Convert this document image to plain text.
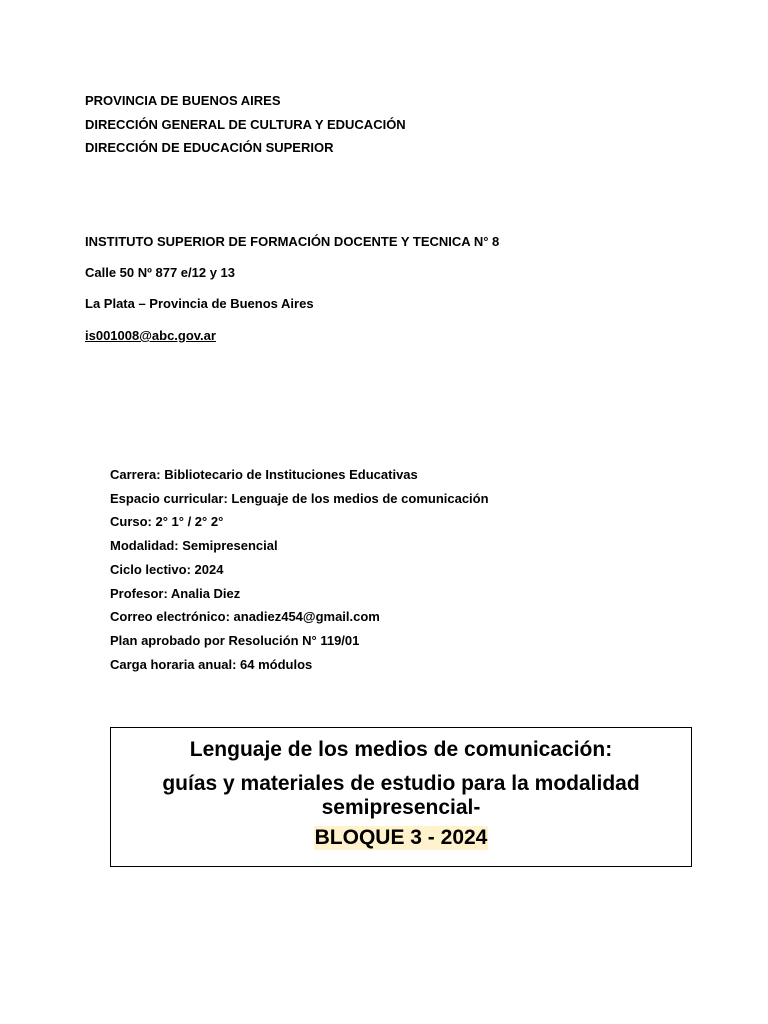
PROVINCIA DE BUENOS AIRES
DIRECCIÓN GENERAL DE CULTURA Y EDUCACIÓN
DIRECCIÓN DE EDUCACIÓN SUPERIOR
INSTITUTO SUPERIOR DE FORMACIÓN DOCENTE Y TECNICA N° 8
Calle 50 Nº 877 e/12 y 13
La Plata – Provincia de Buenos Aires
is001008@abc.gov.ar
Carrera: Bibliotecario de Instituciones Educativas
Espacio curricular: Lenguaje de los medios de comunicación
Curso: 2° 1° / 2° 2°
Modalidad: Semipresencial
Ciclo lectivo: 2024
Profesor: Analia Diez
Correo electrónico: anadiez454@gmail.com
Plan aprobado por Resolución N° 119/01
Carga horaria anual: 64 módulos
Lenguaje de los medios de comunicación:
guías y materiales de estudio para la modalidad
semipresencial-
BLOQUE 3 - 2024
